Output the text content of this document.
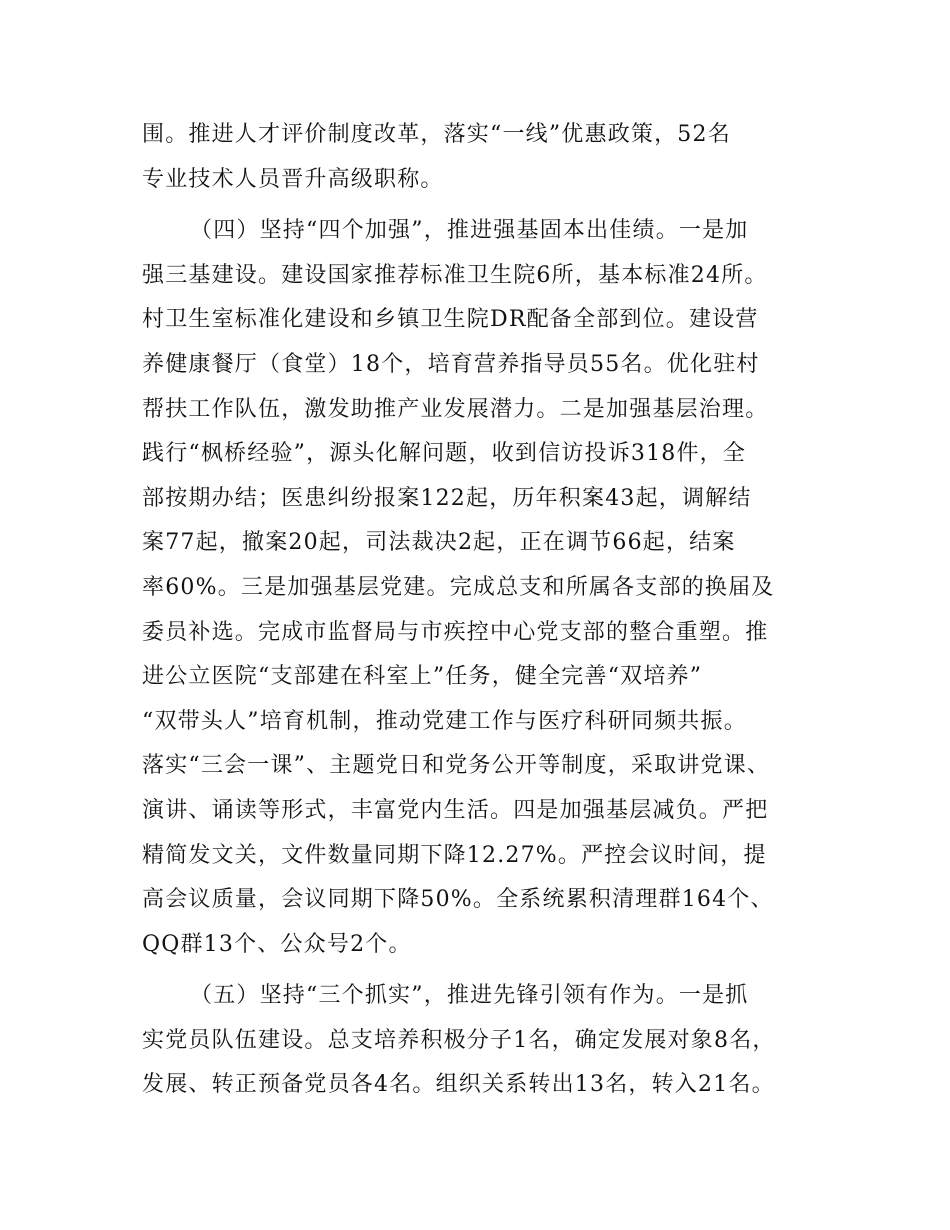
围。推进人才评价制度改革，落实“一线”优惠政策，52名
专业技术人员晋升高级职称。
（四）坚持“四个加强”，推进强基固本出佳绩。一是加
强三基建设。建设国家推荐标准卫生院6所，基本标准24所。
村卫生室标准化建设和乡镇卫生院DR配备全部到位。建设营
养健康餐厅（食堂）18个，培育营养指导员55名。优化驻村
帮扶工作队伍，激发助推产业发展潜力。二是加强基层治理。
践行“枫桥经验”，源头化解问题，收到信访投诉318件，全
部按期办结；医患纠纷报案122起，历年积案43起，调解结
案77起，撤案20起，司法裁决2起，正在调节66起，结案
率60%。三是加强基层党建。完成总支和所属各支部的换届及
委员补选。完成市监督局与市疾控中心党支部的整合重塑。推
进公立医院“支部建在科室上”任务，健全完善“双培养”
“双带头人”培育机制，推动党建工作与医疗科研同频共振。
落实“三会一课”、主题党日和党务公开等制度，采取讲党课、
演讲、诵读等形式，丰富党内生活。四是加强基层减负。严把
精简发文关，文件数量同期下降12.27%。严控会议时间，提
高会议质量，会议同期下降50%。全系统累积清理群164个、
QQ群13个、公众号2个。
（五）坚持“三个抓实”，推进先锋引领有作为。一是抓
实党员队伍建设。总支培养积极分子1名，确定发展对象8名，
发展、转正预备党员各4名。组织关系转出13名，转入21名。
